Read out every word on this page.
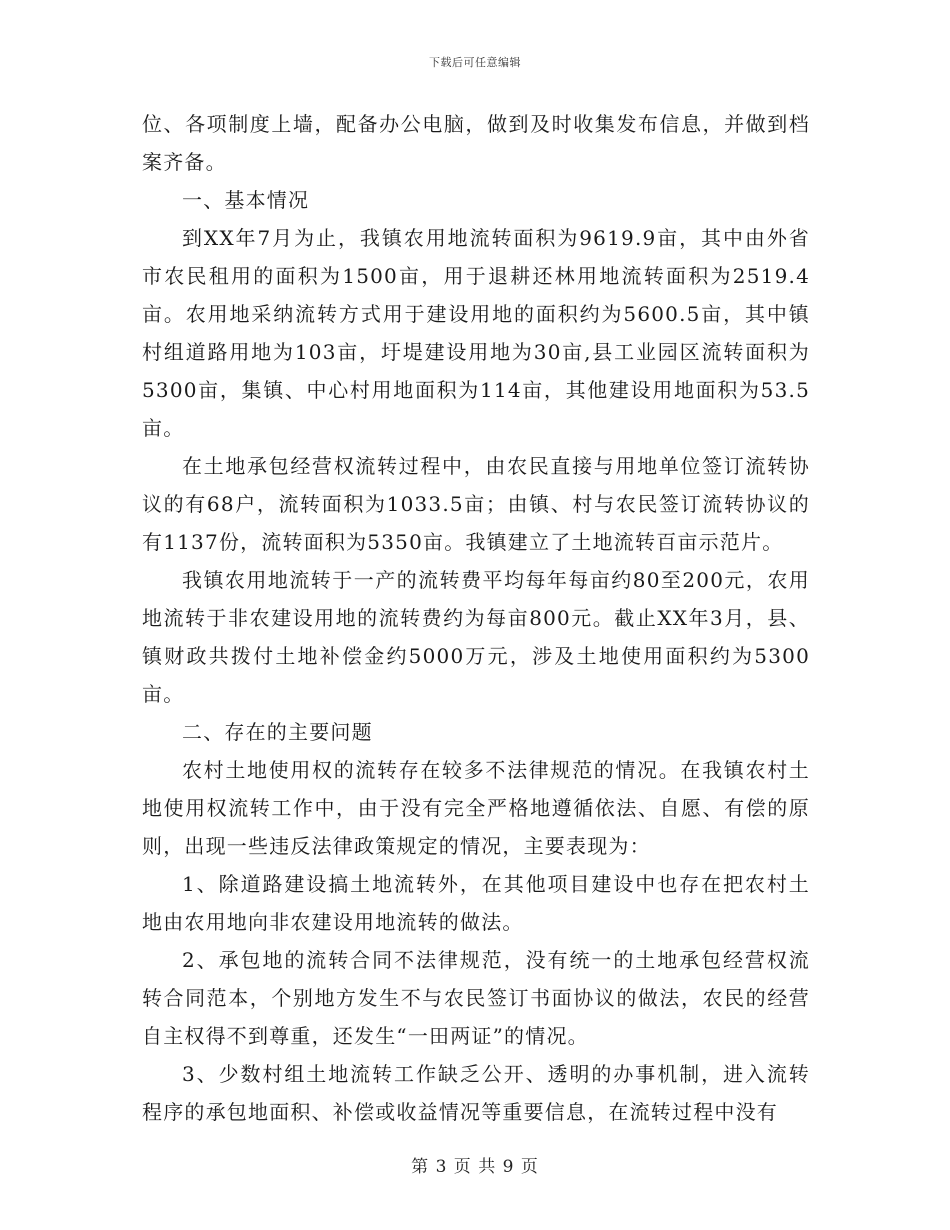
下载后可任意编辑

位、各项制度上墙，配备办公电脑，做到及时收集发布信息，并做到档案齐备。

一、基本情况

到XX年7月为止，我镇农用地流转面积为9619.9亩，其中由外省市农民租用的面积为1500亩，用于退耕还林用地流转面积为2519.4亩。农用地采纳流转方式用于建设用地的面积约为5600.5亩，其中镇村组道路用地为103亩，圩堤建设用地为30亩,县工业园区流转面积为5300亩，集镇、中心村用地面积为114亩，其他建设用地面积为53.5亩。

在土地承包经营权流转过程中，由农民直接与用地单位签订流转协议的有68户，流转面积为1033.5亩；由镇、村与农民签订流转协议的有1137份，流转面积为5350亩。我镇建立了土地流转百亩示范片。

我镇农用地流转于一产的流转费平均每年每亩约80至200元，农用地流转于非农建设用地的流转费约为每亩800元。截止XX年3月，县、镇财政共拨付土地补偿金约5000万元，涉及土地使用面积约为5300亩。

二、存在的主要问题

农村土地使用权的流转存在较多不法律规范的情况。在我镇农村土地使用权流转工作中，由于没有完全严格地遵循依法、自愿、有偿的原则，出现一些违反法律政策规定的情况，主要表现为：

1、除道路建设搞土地流转外，在其他项目建设中也存在把农村土地由农用地向非农建设用地流转的做法。

2、承包地的流转合同不法律规范，没有统一的土地承包经营权流转合同范本，个别地方发生不与农民签订书面协议的做法，农民的经营自主权得不到尊重，还发生“一田两证”的情况。

3、少数村组土地流转工作缺乏公开、透明的办事机制，进入流转程序的承包地面积、补偿或收益情况等重要信息，在流转过程中没有

第 3 页 共 9 页
